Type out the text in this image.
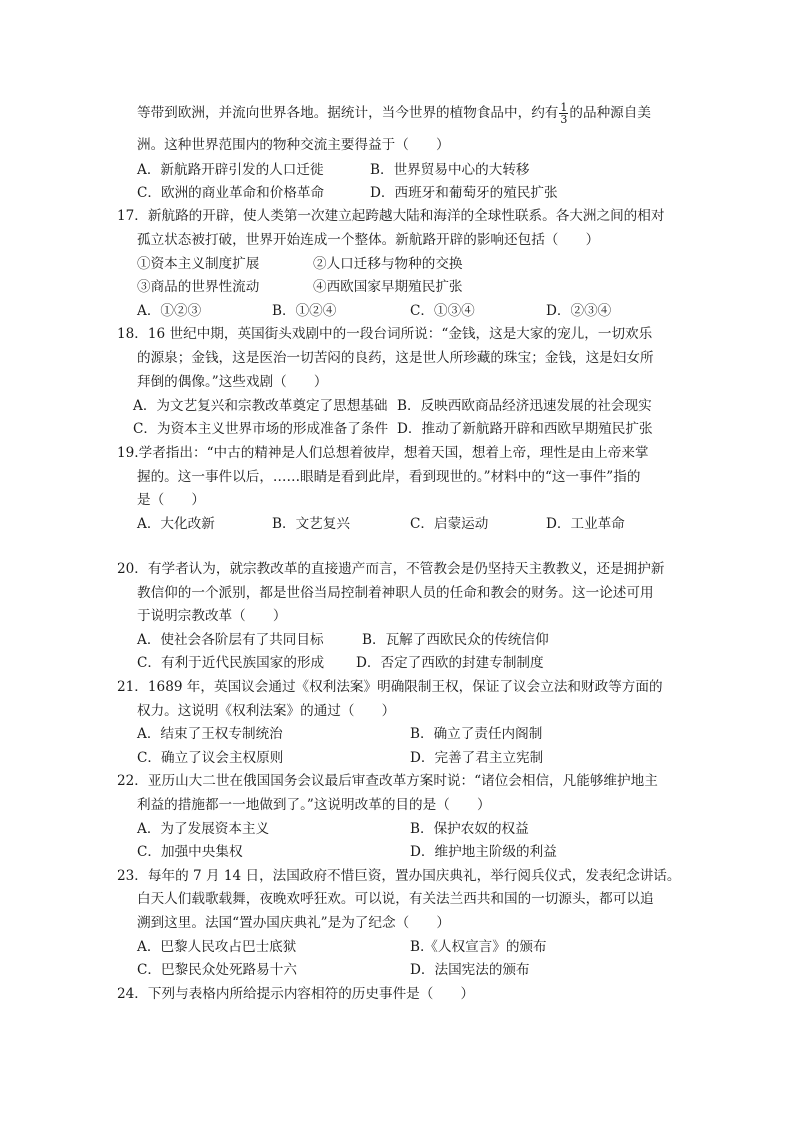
等带到欧洲，并流向世界各地。据统计，当今世界的植物食品中，约有 $\frac{1}{3}$ 的品种源自美
洲。这种世界范围内的物种交流主要得益于（　　）
A．新航路开辟引发的人口迁徙	B．世界贸易中心的大转移
C．欧洲的商业革命和价格革命	D．西班牙和葡萄牙的殖民扩张
17．新航路的开辟，使人类第一次建立起跨越大陆和海洋的全球性联系。各大洲之间的相对
孤立状态被打破，世界开始连成一个整体。新航路开辟的影响还包括（　　）
①资本主义制度扩展	②人口迁移与物种的交换
③商品的世界性流动	④西欧国家早期殖民扩张
A．①②③	B．①②④	C．①③④	D．②③④
18．16 世纪中期，英国街头戏剧中的一段台词所说：“金钱，这是大家的宠儿，一切欢乐
的源泉；金钱，这是医治一切苦闷的良药，这是世人所珍藏的珠宝；金钱，这是妇女所
拜倒的偶像。”这些戏剧（　　）
A．为文艺复兴和宗教改革奠定了思想基础 B．反映西欧商品经济迅速发展的社会现实
C．为资本主义世界市场的形成准备了条件 D．推动了新航路开辟和西欧早期殖民扩张
19.学者指出：“中古的精神是人们总想着彼岸，想着天国，想着上帝，理性是由上帝来掌
握的。这一事件以后，……眼睛是看到此岸，看到现世的。”材料中的“这一事件”指的
是（　　）
A．大化改新	B．文艺复兴	C．启蒙运动	D．工业革命
20．有学者认为，就宗教改革的直接遗产而言，不管教会是仍坚持天主教教义，还是拥护新
教信仰的一个派别，都是世俗当局控制着神职人员的任命和教会的财务。这一论述可用
于说明宗教改革（　　）
A．使社会各阶层有了共同目标	B．瓦解了西欧民众的传统信仰
C．有利于近代民族国家的形成 D．否定了西欧的封建专制制度
21．1689 年，英国议会通过《权利法案》明确限制王权，保证了议会立法和财政等方面的
权力。这说明《权利法案》的通过（　　）
A．结束了王权专制统治	B．确立了责任内阁制
C．确立了议会主权原则	D．完善了君主立宪制
22．亚历山大二世在俄国国务会议最后审查改革方案时说：“诸位会相信，凡能够维护地主
利益的措施都一一地做到了。”这说明改革的目的是（　　）
A．为了发展资本主义	B．保护农奴的权益
C．加强中央集权	D．维护地主阶级的利益
23．每年的 7 月 14 日，法国政府不惜巨资，置办国庆典礼，举行阅兵仪式，发表纪念讲话。
白天人们载歌载舞，夜晚欢呼狂欢。可以说，有关法兰西共和国的一切源头，都可以追
溯到这里。法国“置办国庆典礼”是为了纪念（　　）
A．巴黎人民攻占巴士底狱	B.《人权宣言》的颁布
C．巴黎民众处死路易十六	D．法国宪法的颁布
24．下列与表格内所给提示内容相符的历史事件是（　　）
